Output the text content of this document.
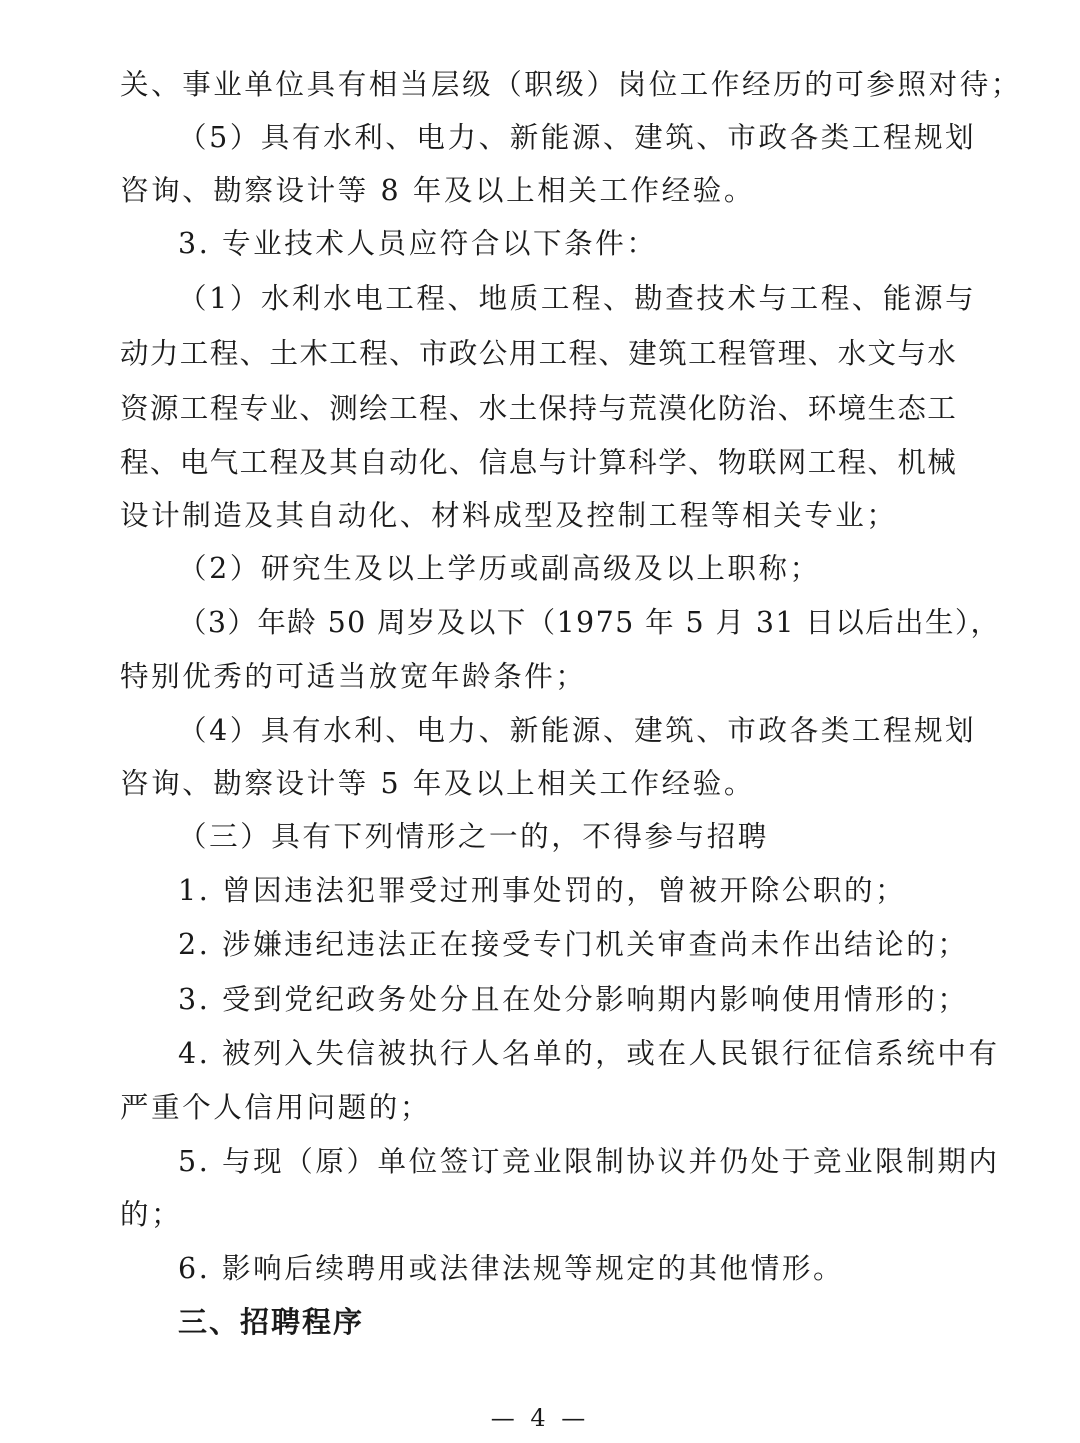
关、事业单位具有相当层级（职级）岗位工作经历的可参照对待；
（5）具有水利、电力、新能源、建筑、市政各类工程规划
咨询、勘察设计等 8 年及以上相关工作经验。
3. 专业技术人员应符合以下条件：
（1）水利水电工程、地质工程、勘查技术与工程、能源与
动力工程、土木工程、市政公用工程、建筑工程管理、水文与水
资源工程专业、测绘工程、水土保持与荒漠化防治、环境生态工
程、电气工程及其自动化、信息与计算科学、物联网工程、机械
设计制造及其自动化、材料成型及控制工程等相关专业；
（2）研究生及以上学历或副高级及以上职称；
（3）年龄 50 周岁及以下（1975 年 5 月 31 日以后出生），
特别优秀的可适当放宽年龄条件；
（4）具有水利、电力、新能源、建筑、市政各类工程规划
咨询、勘察设计等 5 年及以上相关工作经验。
（三）具有下列情形之一的，不得参与招聘
1. 曾因违法犯罪受过刑事处罚的，曾被开除公职的；
2. 涉嫌违纪违法正在接受专门机关审查尚未作出结论的；
3. 受到党纪政务处分且在处分影响期内影响使用情形的；
4. 被列入失信被执行人名单的，或在人民银行征信系统中有
严重个人信用问题的；
5. 与现（原）单位签订竞业限制协议并仍处于竞业限制期内
的；
6. 影响后续聘用或法律法规等规定的其他情形。
三、招聘程序
— 4 —
